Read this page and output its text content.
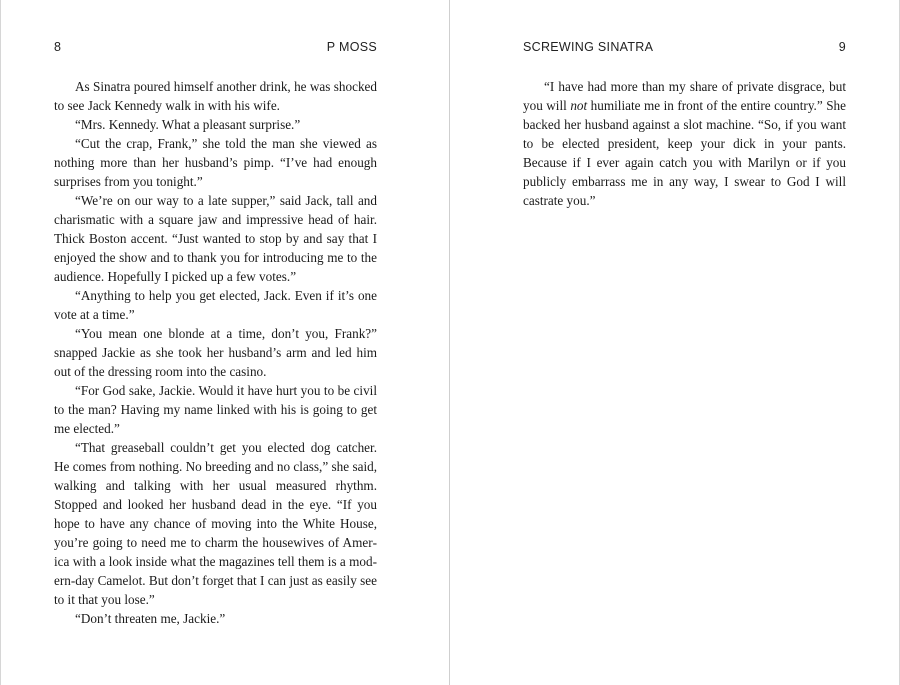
8	P MOSS

As Sinatra poured himself another drink, he was shocked to see Jack Kennedy walk in with his wife.

“Mrs. Kennedy. What a pleasant surprise.”

“Cut the crap, Frank,” she told the man she viewed as nothing more than her husband’s pimp. “I’ve had enough surprises from you tonight.”

“We’re on our way to a late supper,” said Jack, tall and charismatic with a square jaw and impressive head of hair. Thick Boston accent. “Just wanted to stop by and say that I enjoyed the show and to thank you for introducing me to the audience. Hopefully I picked up a few votes.”

“Anything to help you get elected, Jack. Even if it’s one vote at a time.”

“You mean one blonde at a time, don’t you, Frank?” snapped Jackie as she took her husband’s arm and led him out of the dressing room into the casino.

“For God sake, Jackie. Would it have hurt you to be civil to the man? Having my name linked with his is going to get me elected.”

“That greaseball couldn’t get you elected dog catcher. He comes from nothing. No breeding and no class,” she said, walking and talking with her usual measured rhythm. Stopped and looked her husband dead in the eye. “If you hope to have any chance of moving into the White House, you’re going to need me to charm the housewives of America with a look inside what the magazines tell them is a modern-day Camelot. But don’t forget that I can just as easily see to it that you lose.”

“Don’t threaten me, Jackie.”

SCREWING SINATRA	9

“I have had more than my share of private disgrace, but you will not humiliate me in front of the entire country.” She backed her husband against a slot machine. “So, if you want to be elected president, keep your dick in your pants. Because if I ever again catch you with Marilyn or if you publicly embarrass me in any way, I swear to God I will castrate you.”
